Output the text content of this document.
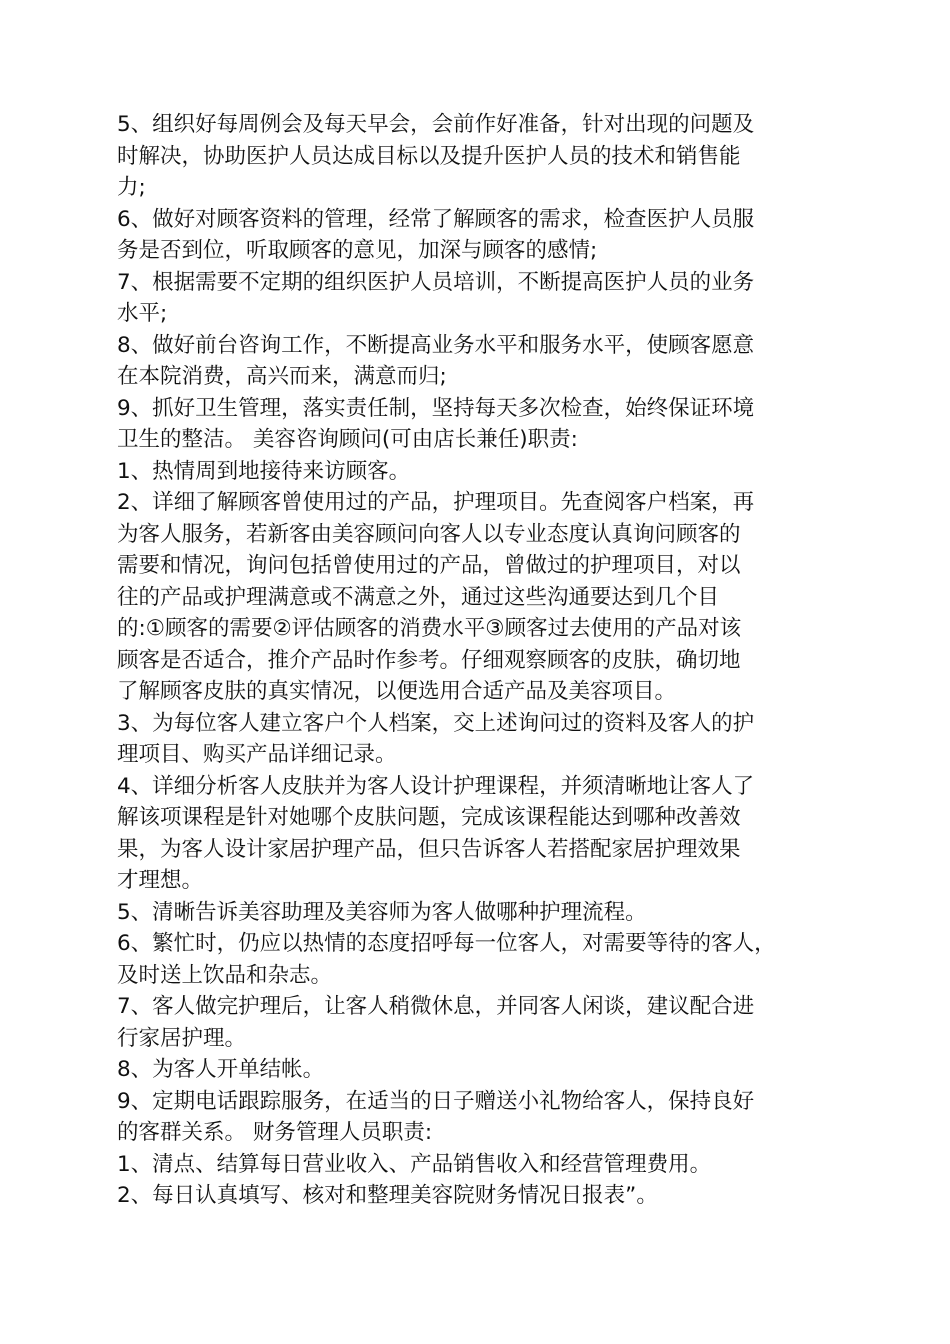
5、组织好每周例会及每天早会，会前作好准备，针对出现的问题及
时解决，协助医护人员达成目标以及提升医护人员的技术和销售能
力;
6、做好对顾客资料的管理，经常了解顾客的需求，检查医护人员服
务是否到位，听取顾客的意见，加深与顾客的感情;
7、根据需要不定期的组织医护人员培训，不断提高医护人员的业务
水平;
8、做好前台咨询工作，不断提高业务水平和服务水平，使顾客愿意
在本院消费，高兴而来，满意而归;
9、抓好卫生管理，落实责任制，坚持每天多次检查，始终保证环境
卫生的整洁。 美容咨询顾问(可由店长兼任)职责:
1、热情周到地接待来访顾客。
2、详细了解顾客曾使用过的产品，护理项目。先查阅客户档案，再
为客人服务，若新客由美容顾问向客人以专业态度认真询问顾客的
需要和情况，询问包括曾使用过的产品，曾做过的护理项目，对以
往的产品或护理满意或不满意之外，通过这些沟通要达到几个目
的:①顾客的需要②评估顾客的消费水平③顾客过去使用的产品对该
顾客是否适合，推介产品时作参考。仔细观察顾客的皮肤，确切地
了解顾客皮肤的真实情况，以便选用合适产品及美容项目。
3、为每位客人建立客户个人档案，交上述询问过的资料及客人的护
理项目、购买产品详细记录。
4、详细分析客人皮肤并为客人设计护理课程，并须清晰地让客人了
解该项课程是针对她哪个皮肤问题，完成该课程能达到哪种改善效
果，为客人设计家居护理产品，但只告诉客人若搭配家居护理效果
才理想。
5、清晰告诉美容助理及美容师为客人做哪种护理流程。
6、繁忙时，仍应以热情的态度招呼每一位客人，对需要等待的客人，
及时送上饮品和杂志。
7、客人做完护理后，让客人稍微休息，并同客人闲谈，建议配合进
行家居护理。
8、为客人开单结帐。
9、定期电话跟踪服务，在适当的日子赠送小礼物给客人，保持良好
的客群关系。 财务管理人员职责:
1、清点、结算每日营业收入、产品销售收入和经营管理费用。
2、每日认真填写、核对和整理美容院财务情况日报表”。
